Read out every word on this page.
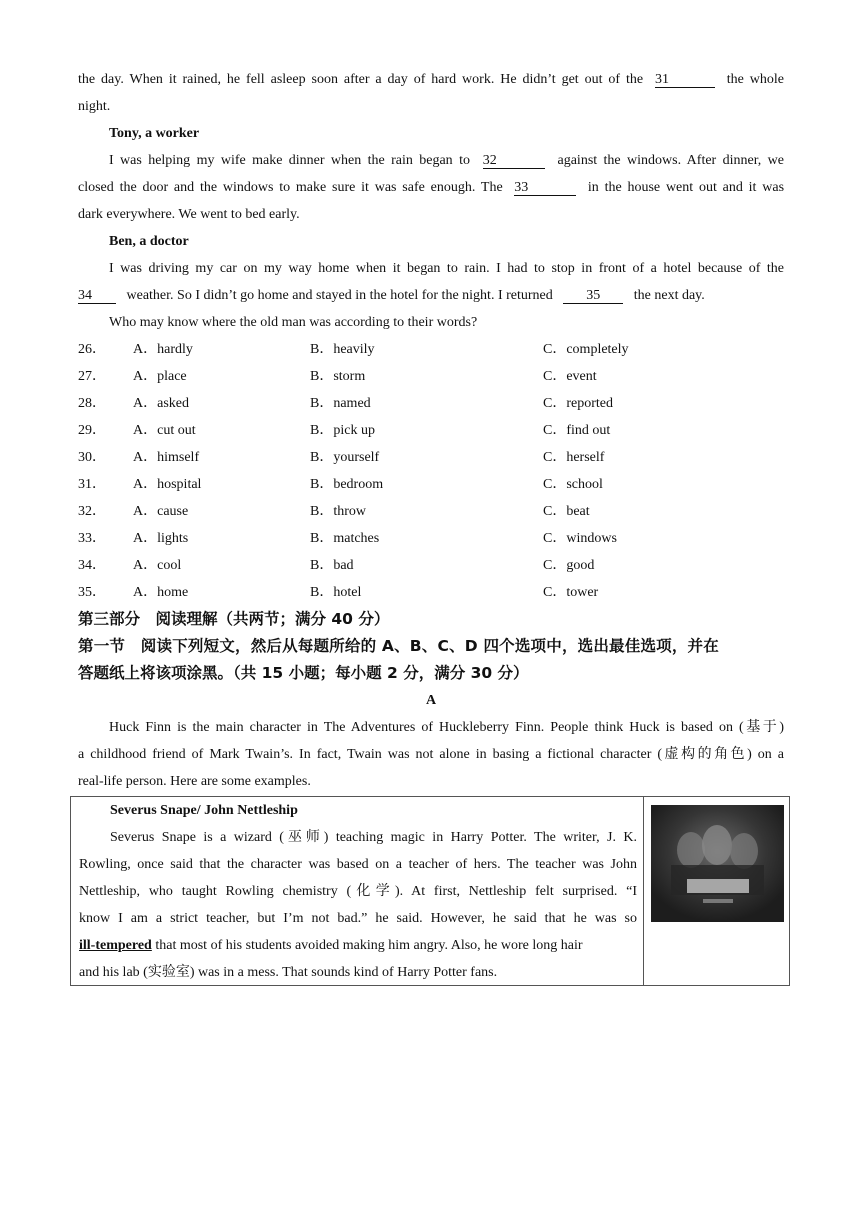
the day. When it rained, he fell asleep soon after a day of hard work. He didn’t get out of the 31	the whole
night.
Tony, a worker
I was helping my wife make dinner when the rain began to 32	against the windows. After dinner, we
closed the door and the windows to make sure it was safe enough. The 33	in the house went out and it was
dark everywhere. We went to bed early.
Ben, a doctor
I was driving my car on my way home when it began to rain. I had to stop in front of a hotel because of the
34 weather. So I didn’t go home and stayed in the hotel for the night. I returned 35 the next day.
Who may know where the old man was according to their words?
26． A．hardly	B．heavily	C．completely
27． A．place	B．storm	C．event
28． A．asked	B．named	C．reported
29． A．cut out	B．pick up	C．find out
30． A．himself	B．yourself	C．herself
31． A．hospital	B．bedroom	C．school
32． A．cause	B．throw	C．beat
33． A．lights	B．matches	C．windows
34． A．cool	B．bad	C．good
35． A．home	B．hotel	C．tower
第三部分　阅读理解（共两节；满分 40 分）
第一节　阅读下列短文，然后从每题所给的 A、B、C、D 四个选项中，选出最佳选项，并在
答题纸上将该项涂黑。（共 15 小题；每小题 2 分，满分 30 分）
A
Huck Finn is the main character in The Adventures of Huckleberry Finn. People think Huck is based on (基于)
a childhood friend of Mark Twain’s. In fact, Twain was not alone in basing a fictional character (虚构的角色) on a
real-life person. Here are some examples.
Severus Snape/ John Nettleship
Severus Snape is a wizard (巫师) teaching magic in Harry Potter. The writer, J. K.
Rowling, once said that the character was based on a teacher of hers. The teacher was John
Nettleship, who taught Rowling chemistry (化学). At first, Nettleship felt surprised. “I
know I am a strict teacher, but I’m not bad.” he said. However, he said that he was so
ill-tempered that most of his students avoided making him angry. Also, he wore long hair
and his lab (实验室) was in a mess. That sounds kind of Harry Potter fans.
